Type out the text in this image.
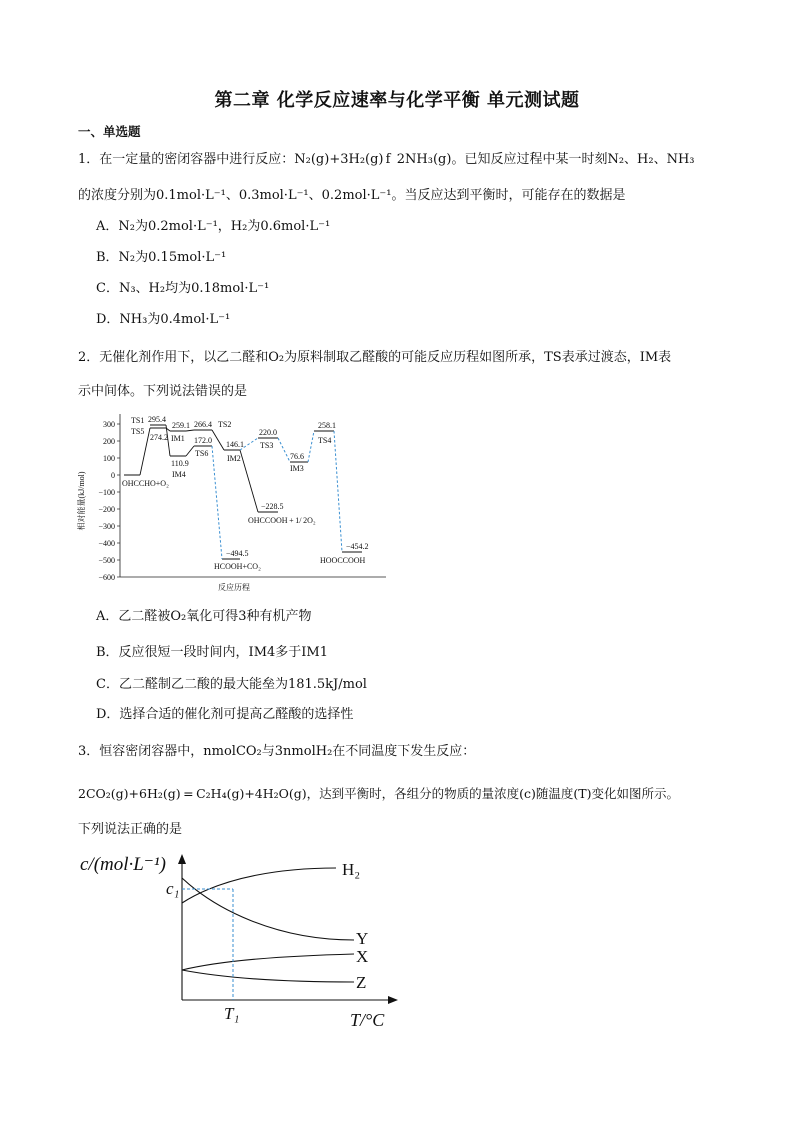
第二章 化学反应速率与化学平衡 单元测试题
一、单选题
1．在一定量的密闭容器中进行反应：N₂(g)+3H₂(g) f  2NH₃(g)。已知反应过程中某一时刻N₂、H₂、NH₃
的浓度分别为0.1mol·L⁻¹、0.3mol·L⁻¹、0.2mol·L⁻¹。当反应达到平衡时，可能存在的数据是
A．N₂为0.2mol·L⁻¹，H₂为0.6mol·L⁻¹
B．N₂为0.15mol·L⁻¹
C．N₃、H₂均为0.18mol·L⁻¹
D．NH₃为0.4mol·L⁻¹
2．无催化剂作用下，以乙二醛和O₂为原料制取乙醛酸的可能反应历程如图所承，TS表承过渡态，IM表
示中间体。下列说法错误的是
300
200
100
0
−100
−200
−300
−400
−500
−600
相对能量(kJ/mol)
反应历程
OHCCHO+O₂
TS1
TS5
295.4
274.2
259.1
IM1
110.9
IM4
266.4 TS2
172.0
TS6
146.1
IM2
220.0
TS3
76.6
IM3
258.1
TS4
−228.5
OHCCOOH + 1/ 2O₂
−494.5
HCOOH+CO₂
−454.2
HOOCCOOH
A．乙二醛被O₂氧化可得3种有机产物
B．反应很短一段时间内，IM4多于IM1
C．乙二醛制乙二酸的最大能垒为181.5kJ/mol
D．选择合适的催化剂可提高乙醛酸的选择性
3．恒容密闭容器中，nmolCO₂与3nmolH₂在不同温度下发生反应：
2CO₂(g)+6H₂(g) = C₂H₄(g)+4H₂O(g)，达到平衡时，各组分的物质的量浓度(c)随温度(T)变化如图所示。
下列说法正确的是
c/(mol·L⁻¹)
c₁
T₁	T/°C
H₂
Y
X
Z
